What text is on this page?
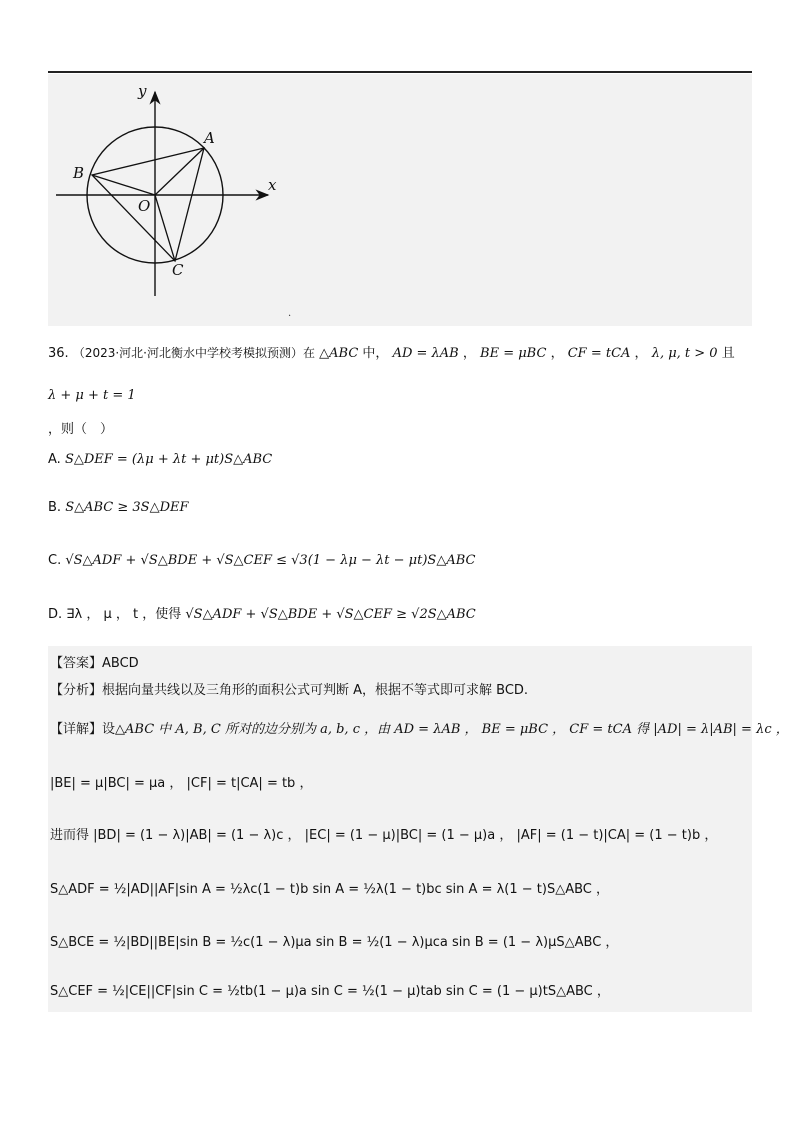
y
x
O
A
B
C
.
36. （2023·河北·河北衡水中学校考模拟预测）在 △ABC 中， AD = λAB ， BE = μBC ， CF = tCA ， λ, μ, t > 0 且
λ + μ + t = 1
，则（　）
A. S△DEF = (λμ + λt + μt)S△ABC
B. S△ABC ≥ 3S△DEF
C. √S△ADF + √S△BDE + √S△CEF ≤ √3(1 − λμ − λt − μt)S△ABC
D. ∃λ ， μ ， t ，使得 √S△ADF + √S△BDE + √S△CEF ≥ √2S△ABC
【答案】ABCD
【分析】根据向量共线以及三角形的面积公式可判断 A，根据不等式即可求解 BCD.
【详解】设△ABC 中 A, B, C 所对的边分别为 a, b, c ，由 AD = λAB ， BE = μBC ， CF = tCA 得 |AD| = λ|AB| = λc ，
|BE| = μ|BC| = μa ， |CF| = t|CA| = tb ，
进而得 |BD| = (1 − λ)|AB| = (1 − λ)c ， |EC| = (1 − μ)|BC| = (1 − μ)a ， |AF| = (1 − t)|CA| = (1 − t)b ，
S△ADF = ½|AD||AF|sin A = ½λc(1 − t)b sin A = ½λ(1 − t)bc sin A = λ(1 − t)S△ABC ，
S△BCE = ½|BD||BE|sin B = ½c(1 − λ)μa sin B = ½(1 − λ)μca sin B = (1 − λ)μS△ABC ，
S△CEF = ½|CE||CF|sin C = ½tb(1 − μ)a sin C = ½(1 − μ)tab sin C = (1 − μ)tS△ABC ，
